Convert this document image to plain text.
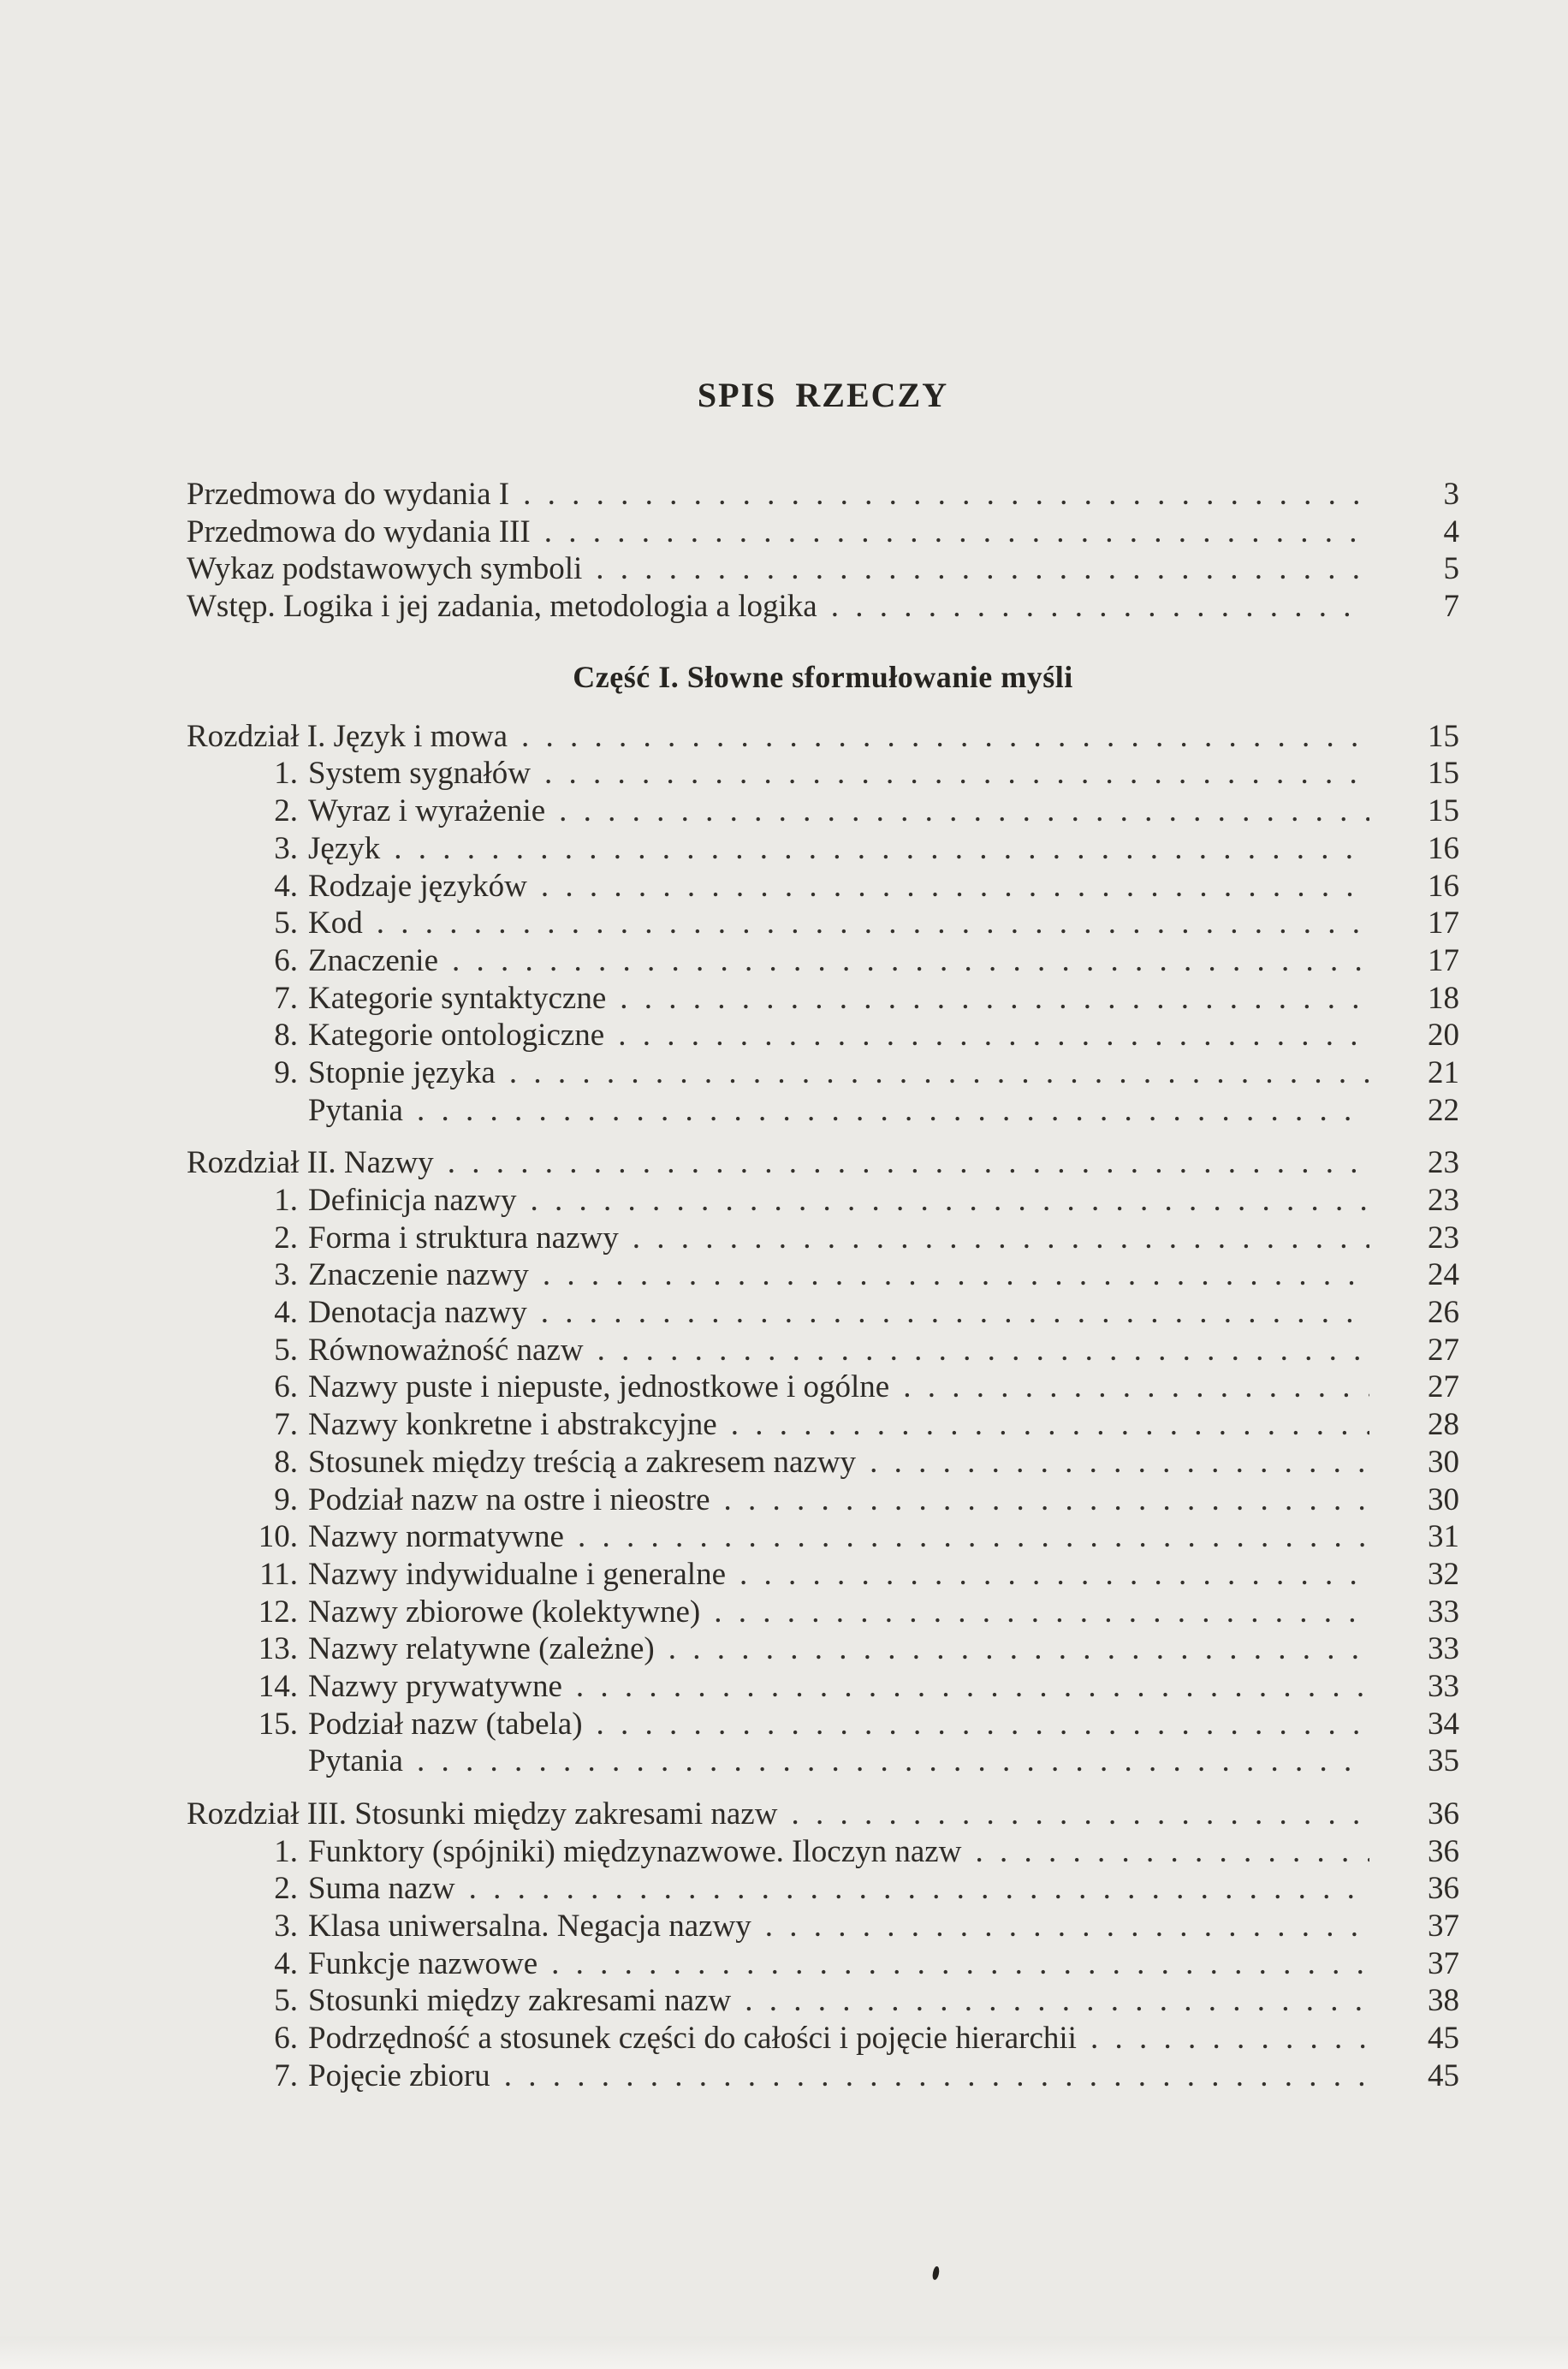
SPIS RZECZY
Przedmowa do wydania I . . .	3
Przedmowa do wydania III . . .	4
Wykaz podstawowych symboli . . .	5
Wstęp. Logika i jej zadania, metodologia a logika . . .	7
Część I. Słowne sformułowanie myśli
Rozdział I. Język i mowa . . .	15
1. System sygnałów . . .	15
2. Wyraz i wyrażenie . . .	15
3. Język . . .	16
4. Rodzaje języków . . .	16
5. Kod . . .	17
6. Znaczenie . . .	17
7. Kategorie syntaktyczne . . .	18
8. Kategorie ontologiczne . . .	20
9. Stopnie języka . . .	21
Pytania . . .	22
Rozdział II. Nazwy . . .	23
1. Definicja nazwy . . .	23
2. Forma i struktura nazwy . . .	23
3. Znaczenie nazwy . . .	24
4. Denotacja nazwy . . .	26
5. Równoważność nazw . . .	27
6. Nazwy puste i niepuste, jednostkowe i ogólne . . .	27
7. Nazwy konkretne i abstrakcyjne . . .	28
8. Stosunek między treścią a zakresem nazwy . . .	30
9. Podział nazw na ostre i nieostre . . .	30
10. Nazwy normatywne . . .	31
11. Nazwy indywidualne i generalne . . .	32
12. Nazwy zbiorowe (kolektywne) . . .	33
13. Nazwy relatywne (zależne) . . .	33
14. Nazwy prywatywne . . .	33
15. Podział nazw (tabela) . . .	34
Pytania . . .	35
Rozdział III. Stosunki między zakresami nazw . . .	36
1. Funktory (spójniki) międzynazwowe. Iloczyn nazw . . .	36
2. Suma nazw . . .	36
3. Klasa uniwersalna. Negacja nazwy . . .	37
4. Funkcje nazwowe . . .	37
5. Stosunki między zakresami nazw . . .	38
6. Podrzędność a stosunek części do całości i pojęcie hierarchii . . .	45
7. Pojęcie zbioru . . .	45
